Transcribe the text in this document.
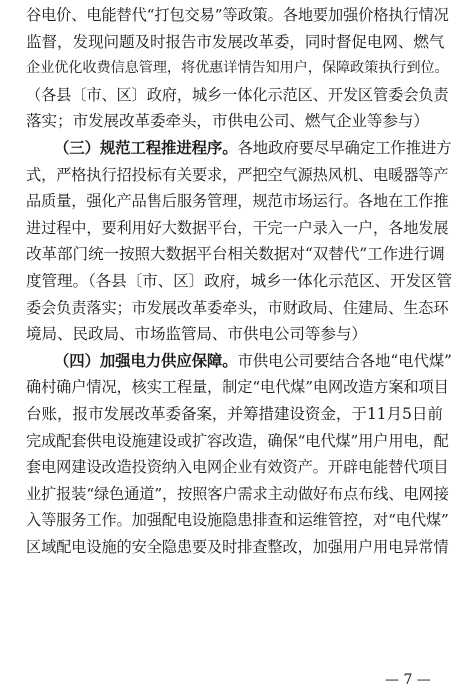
谷电价、电能替代“打包交易”等政策。各地要加强价格执行情况
监督，发现问题及时报告市发展改革委，同时督促电网、燃气
企业优化收费信息管理，将优惠详情告知用户，保障政策执行到位。
（各县〔市、区〕政府，城乡一体化示范区、开发区管委会负责
落实；市发展改革委牵头，市供电公司、燃气企业等参与）
（三）规范工程推进程序。各地政府要尽早确定工作推进方
式，严格执行招投标有关要求，严把空气源热风机、电暖器等产
品质量，强化产品售后服务管理，规范市场运行。各地在工作推
进过程中，要利用好大数据平台，干完一户录入一户，各地发展
改革部门统一按照大数据平台相关数据对“双替代”工作进行调
度管理。（各县〔市、区〕政府，城乡一体化示范区、开发区管
委会负责落实；市发展改革委牵头，市财政局、住建局、生态环
境局、民政局、市场监管局、市供电公司等参与）
（四）加强电力供应保障。市供电公司要结合各地“电代煤”
确村确户情况，核实工程量，制定“电代煤”电网改造方案和项目
台账，报市发展改革委备案，并筹措建设资金，于11月5日前
完成配套供电设施建设或扩容改造，确保“电代煤”用户用电，配
套电网建设改造投资纳入电网企业有效资产。开辟电能替代项目
业扩报装“绿色通道”，按照客户需求主动做好布点布线、电网接
入等服务工作。加强配电设施隐患排查和运维管控，对“电代煤”
区域配电设施的安全隐患要及时排查整改，加强用户用电异常情
— 7 —
